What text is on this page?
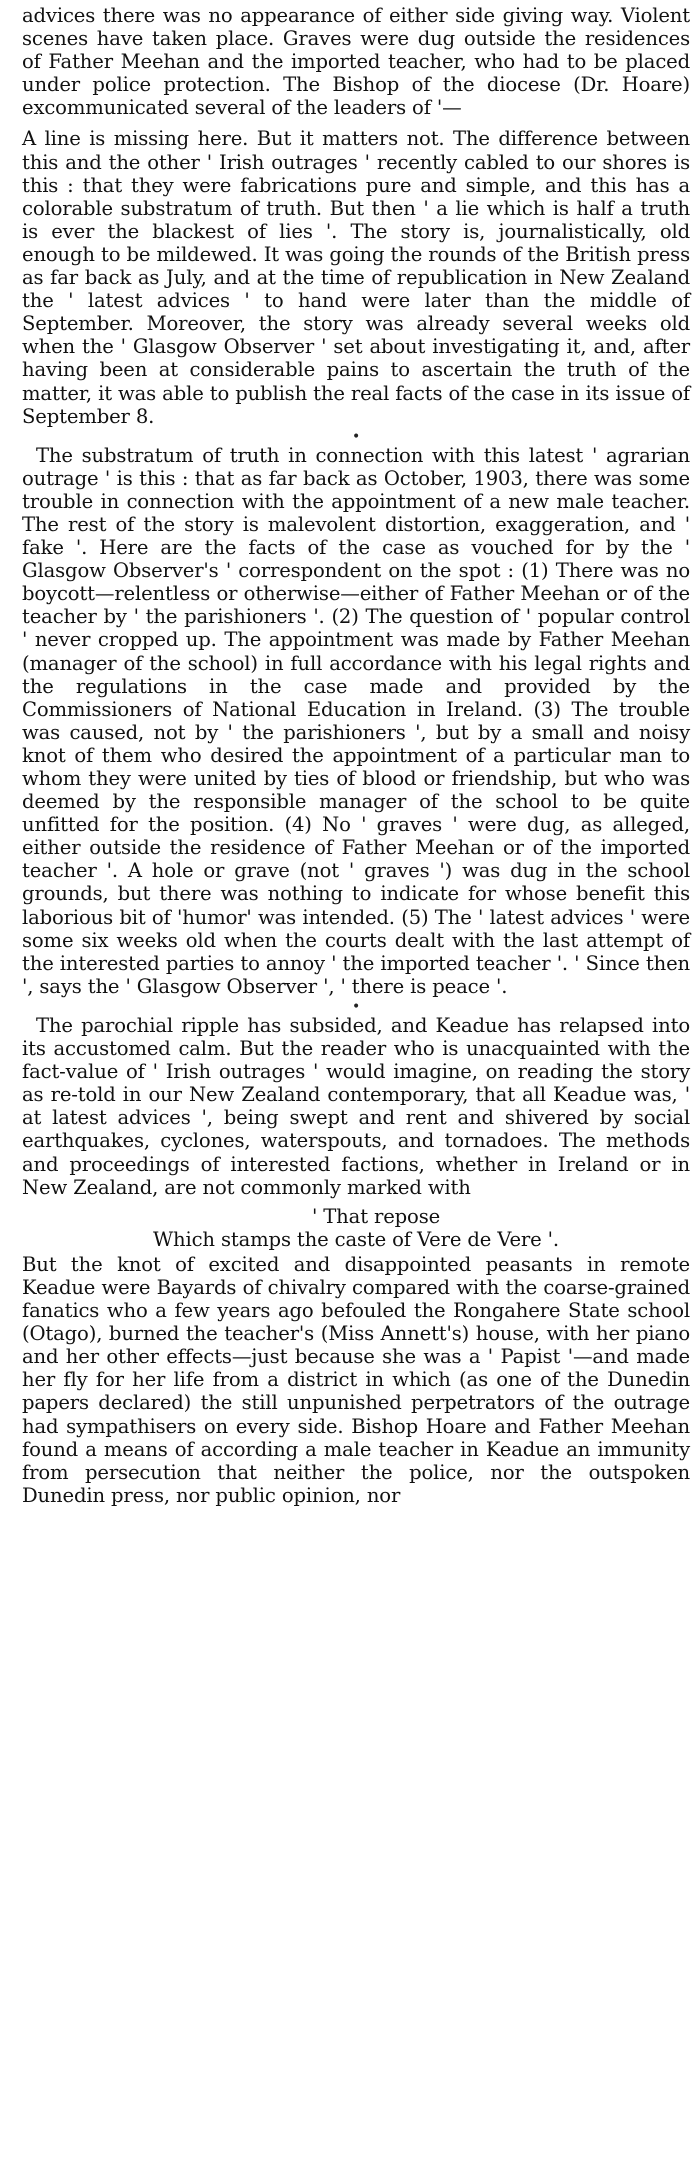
advices there was no appearance of either side giving way. Violent scenes have taken place. Graves were dug outside the residences of Father Meehan and the imported teacher, who had to be placed under police protection. The Bishop of the diocese (Dr. Hoare) excommunicated several of the leaders of '—

A line is missing here. But it matters not. The difference between this and the other ' Irish outrages ' recently cabled to our shores is this : that they were fabrications pure and simple, and this has a colorable substratum of truth. But then ' a lie which is half a truth is ever the blackest of lies '. The story is, journalistically, old enough to be mildewed. It was going the rounds of the British press as far back as July, and at the time of republication in New Zealand the ' latest advices ' to hand were later than the middle of September. Moreover, the story was already several weeks old when the ' Glasgow Observer ' set about investigating it, and, after having been at considerable pains to ascertain the truth of the matter, it was able to publish the real facts of the case in its issue of September 8.

•

The substratum of truth in connection with this latest ' agrarian outrage ' is this : that as far back as October, 1903, there was some trouble in connection with the appointment of a new male teacher. The rest of the story is malevolent distortion, exaggeration, and ' fake '. Here are the facts of the case as vouched for by the ' Glasgow Observer's ' correspondent on the spot : (1) There was no boycott—relentless or otherwise—either of Father Meehan or of the teacher by ' the parishioners '. (2) The question of ' popular control ' never cropped up. The appointment was made by Father Meehan (manager of the school) in full accordance with his legal rights and the regulations in the case made and provided by the Commissioners of National Education in Ireland. (3) The trouble was caused, not by ' the parishioners ', but by a small and noisy knot of them who desired the appointment of a particular man to whom they were united by ties of blood or friendship, but who was deemed by the responsible manager of the school to be quite unfitted for the position. (4) No ' graves ' were dug, as alleged, either outside the residence of Father Meehan or of the imported teacher '. A hole or grave (not ' graves ') was dug in the school grounds, but there was nothing to indicate for whose benefit this laborious bit of 'humor' was intended. (5) The ' latest advices ' were some six weeks old when the courts dealt with the last attempt of the interested parties to annoy ' the imported teacher '. ' Since then ', says the ' Glasgow Observer ', ' there is peace '.

•

The parochial ripple has subsided, and Keadue has relapsed into its accustomed calm. But the reader who is unacquainted with the fact-value of ' Irish outrages ' would imagine, on reading the story as re-told in our New Zealand contemporary, that all Keadue was, ' at latest advices ', being swept and rent and shivered by social earthquakes, cyclones, waterspouts, and tornadoes. The methods and proceedings of interested factions, whether in Ireland or in New Zealand, are not commonly marked with

' That repose
Which stamps the caste of Vere de Vere '.

But the knot of excited and disappointed peasants in remote Keadue were Bayards of chivalry compared with the coarse-grained fanatics who a few years ago befouled the Rongahere State school (Otago), burned the teacher's (Miss Annett's) house, with her piano and her other effects—just because she was a ' Papist '—and made her fly for her life from a district in which (as one of the Dunedin papers declared) the still unpunished perpetrators of the outrage had sympathisers on every side. Bishop Hoare and Father Meehan found a means of according a male teacher in Keadue an immunity from persecution that neither the police, nor the outspoken Dunedin press, nor public opinion, nor
